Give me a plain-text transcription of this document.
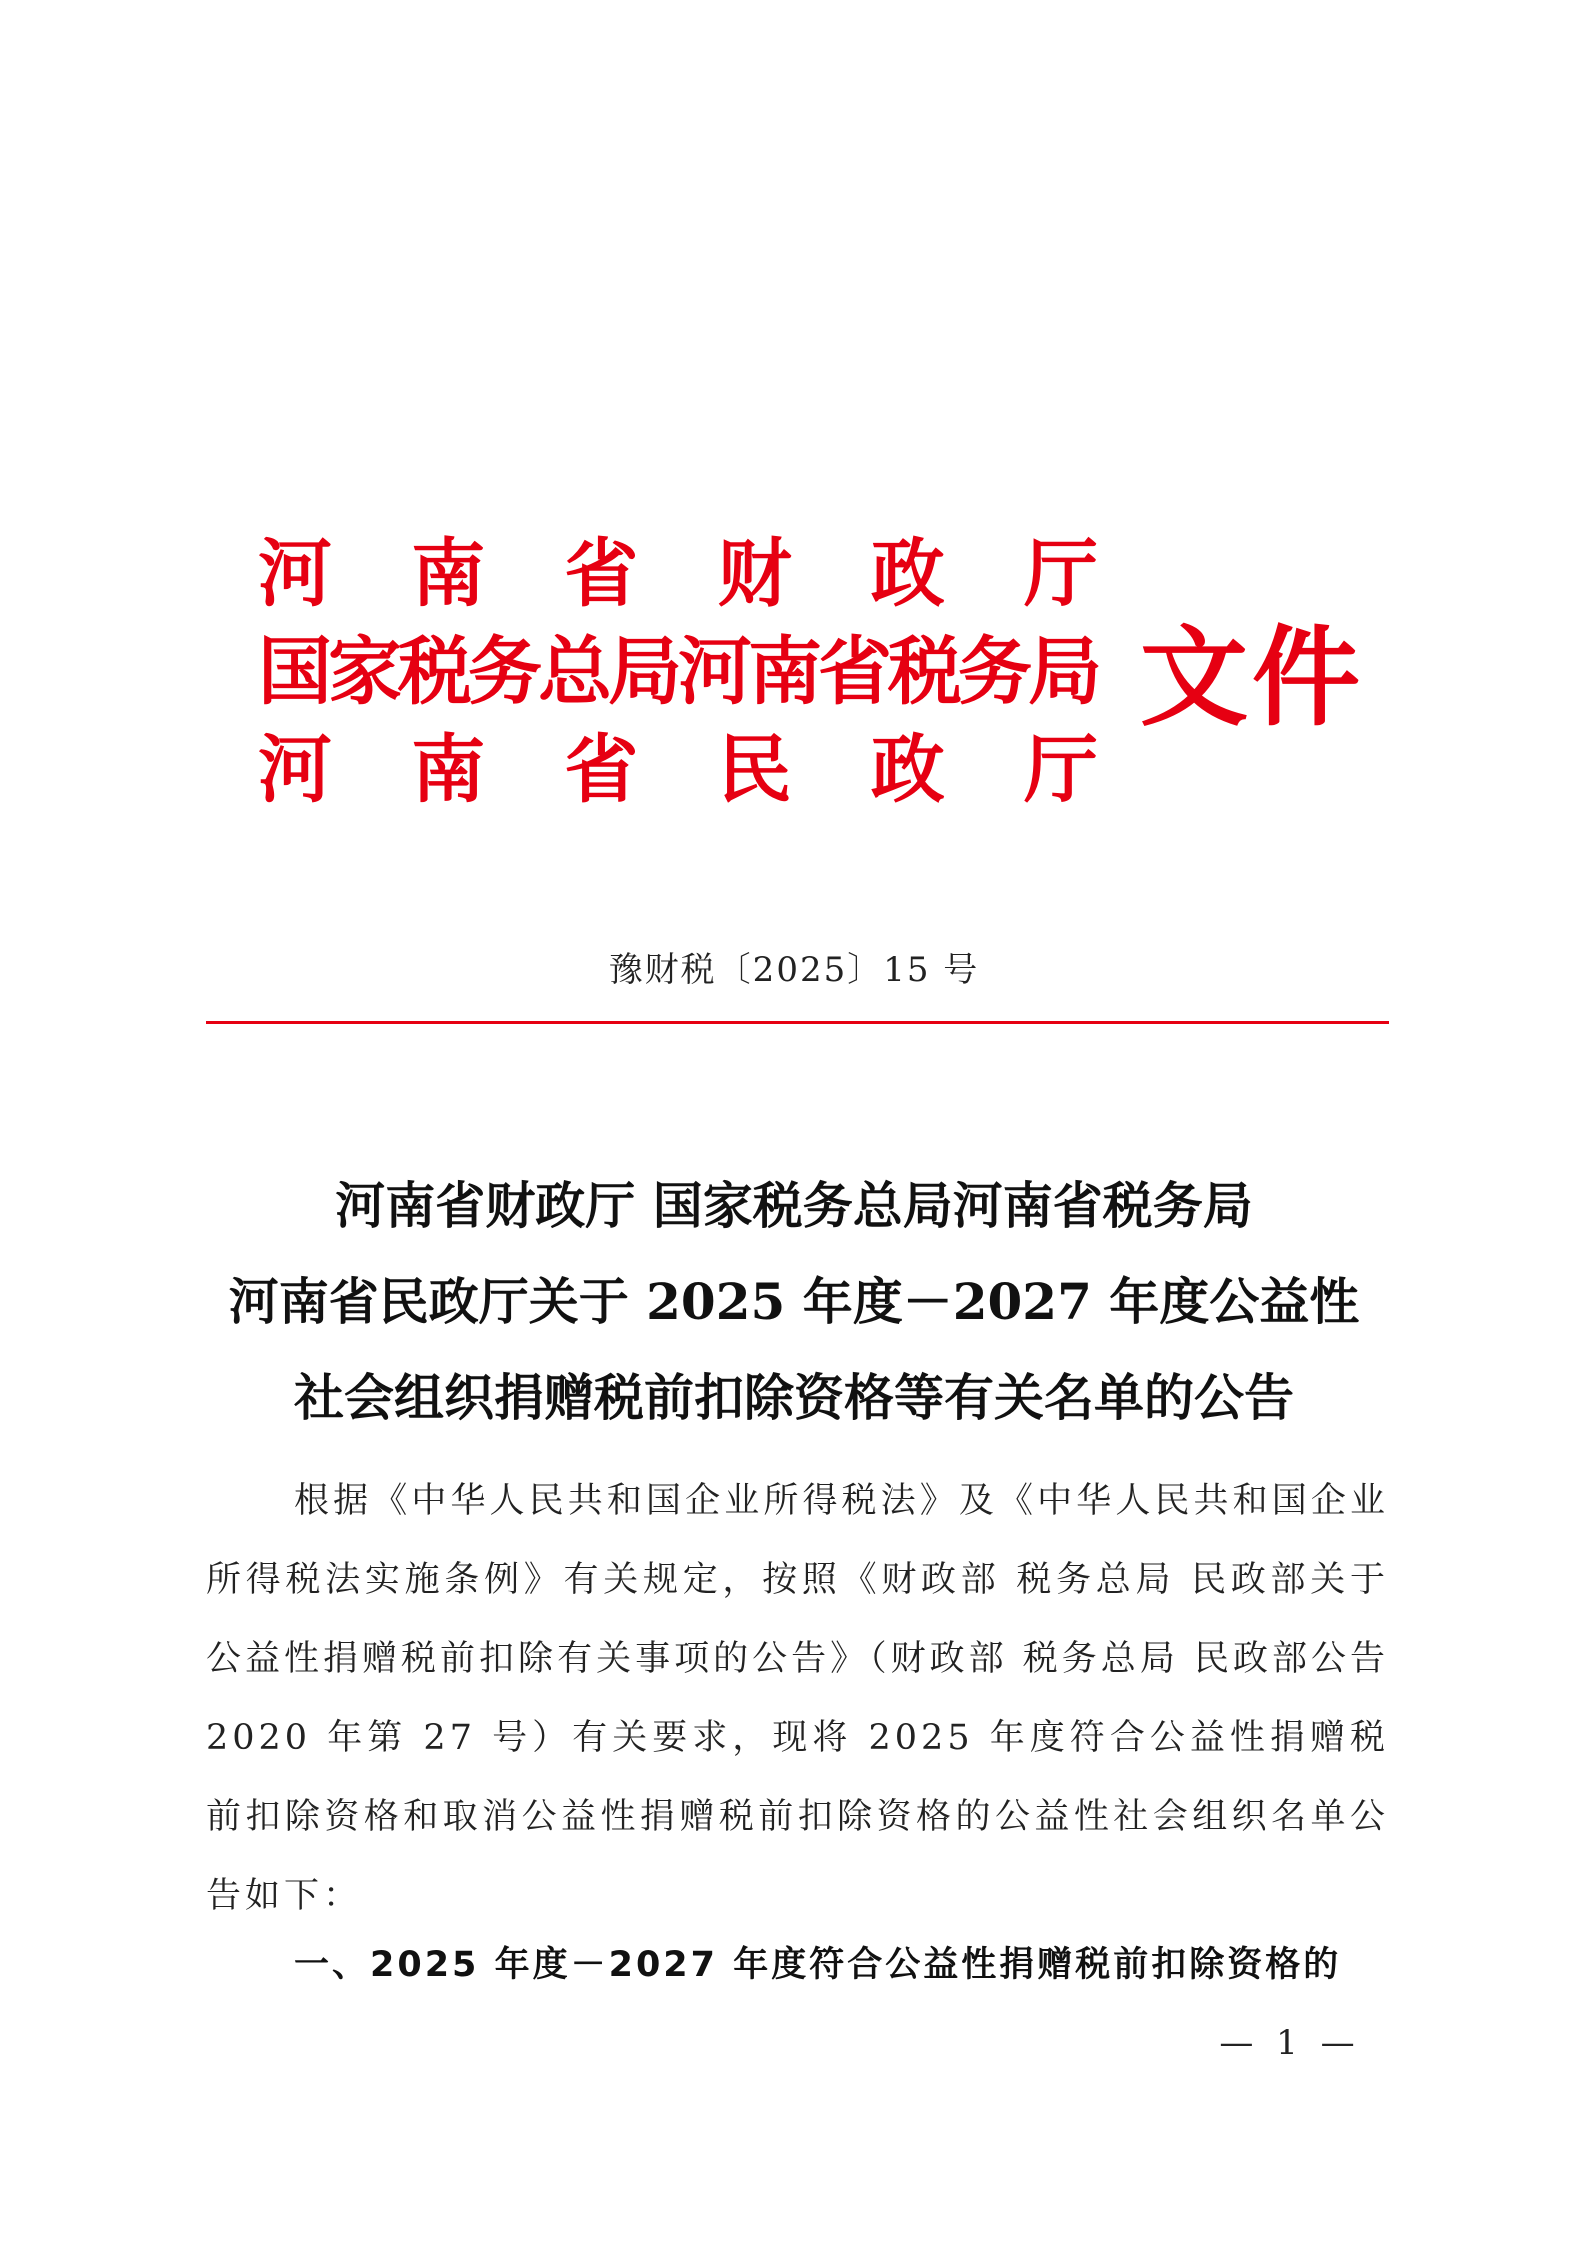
河 南 省 财 政 厅
国家税务总局河南省税务局
河 南 省 民 政 厅
文件
豫财税〔2025〕15 号
河南省财政厅 国家税务总局河南省税务局
河南省民政厅关于 2025 年度－2027 年度公益性
社会组织捐赠税前扣除资格等有关名单的公告

根据《中华人民共和国企业所得税法》及《中华人民共和国企业所得税法实施条例》有关规定，按照《财政部 税务总局 民政部关于公益性捐赠税前扣除有关事项的公告》（财政部 税务总局 民政部公告 2020 年第 27 号）有关要求，现将 2025 年度符合公益性捐赠税前扣除资格和取消公益性捐赠税前扣除资格的公益性社会组织名单公告如下：

一、2025 年度－2027 年度符合公益性捐赠税前扣除资格的
— 1 —
